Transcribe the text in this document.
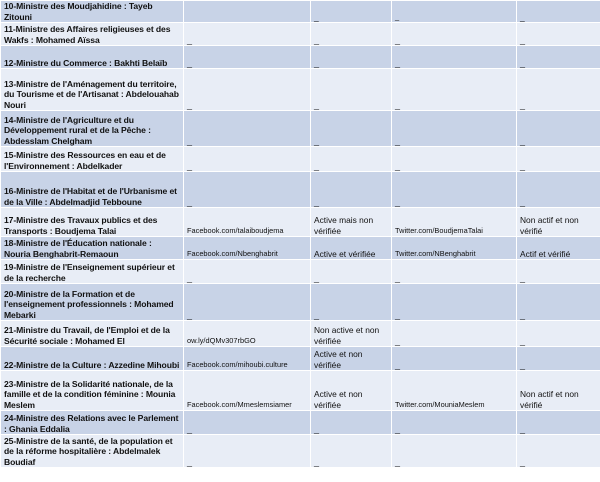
10-Ministre des Moudjahidine : Tayeb Zitouni		_	_	_
11-Ministre des Affaires religieuses et des Wakfs : Mohamed Aïssa	_	_	_	_
12-Ministre du Commerce : Bakhti Belaïb	_	_	_	_
13-Ministre de l'Aménagement du territoire, du Tourisme et de l'Artisanat : Abdelouahab Nouri	_	_	_	_
14-Ministre de l'Agriculture et du Développement rural et de la Pêche : Abdesslam Chelgham	_	_	_	_
15-Ministre des Ressources en eau et de l'Environnement : Abdelkader	_	_	_	_
16-Ministre de l'Habitat et de l'Urbanisme et de la Ville : Abdelmadjid Tebboune	_	_	_	_
17-Ministre des Travaux publics et des Transports : Boudjema Talai	Facebook.com/talaiboudjema	Active mais non vérifiée	Twitter.com/BoudjemaTalai	Non actif et non vérifié
18-Ministre de l'Éducation nationale : Nouria Benghabrit-Remaoun	Facebook.com/Nbenghabrit	Active et vérifiée	Twitter.com/NBenghabrit	Actif et vérifié
19-Ministre de l'Enseignement supérieur et de la recherche	_	_	_	_
20-Ministre de la Formation et de l'enseignement professionnels : Mohamed Mebarki	_	_	_	_
21-Ministre du Travail, de l'Emploi et de la Sécurité sociale : Mohamed El	ow.ly/dQMv307rbGO	Non active et non vérifiée	_	_
22-Ministre de la Culture : Azzedine Mihoubi	Facebook.com/mihoubi.culture	Active et non vérifiée	_	_
23-Ministre de la Solidarité nationale, de la famille et de la condition féminine : Mounia Meslem	Facebook.com/Mmeslemsiamer	Active et non vérifiée	Twitter.com/MouniaMeslem	Non actif et non vérifié
24-Ministre des Relations avec le Parlement : Ghania Eddalia	_	_	_	_
25-Ministre de la santé, de la population et de la réforme hospitalière : Abdelmalek Boudiaf	_	_	_	_
